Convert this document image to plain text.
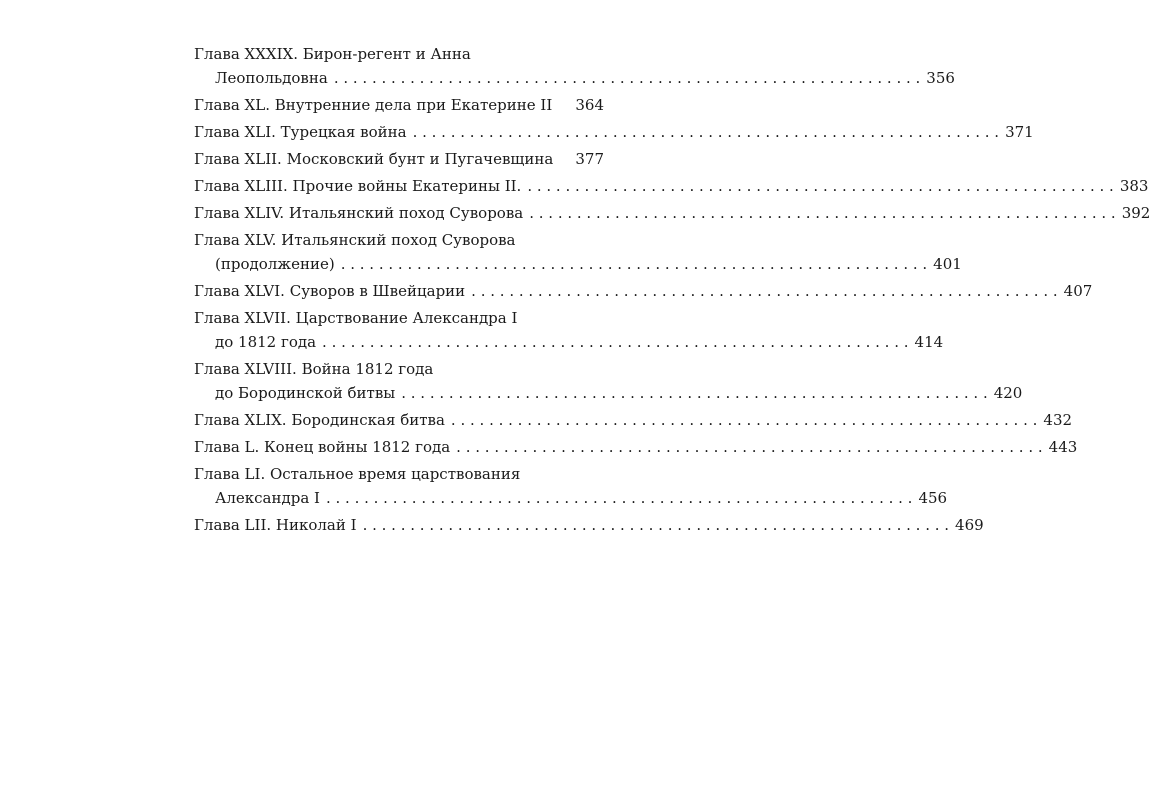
Глава XXXIX. Бирон-регент и Анна
Леопольдовна . . .	356
Глава XL. Внутренние дела при Екатерине II	364
Глава XLI. Турецкая война . . .	371
Глава XLII. Московский бунт и Пугачевщина	377
Глава XLIII. Прочие войны Екатерины II. . . .	383
Глава XLIV. Итальянский поход Суворова . . .	392
Глава XLV. Итальянский поход Суворова
(продолжение) . . .	401
Глава XLVI. Суворов в Швейцарии . . .	407
Глава XLVII. Царствование Александра I
до 1812 года . . .	414
Глава XLVIII. Война 1812 года
до Бородинской битвы . . .	420
Глава XLIX. Бородинская битва . . .	432
Глава L. Конец войны 1812 года . . .	443
Глава LI. Остальное время царствования
Александра I . . .	456
Глава LII. Николай I . . .	469
